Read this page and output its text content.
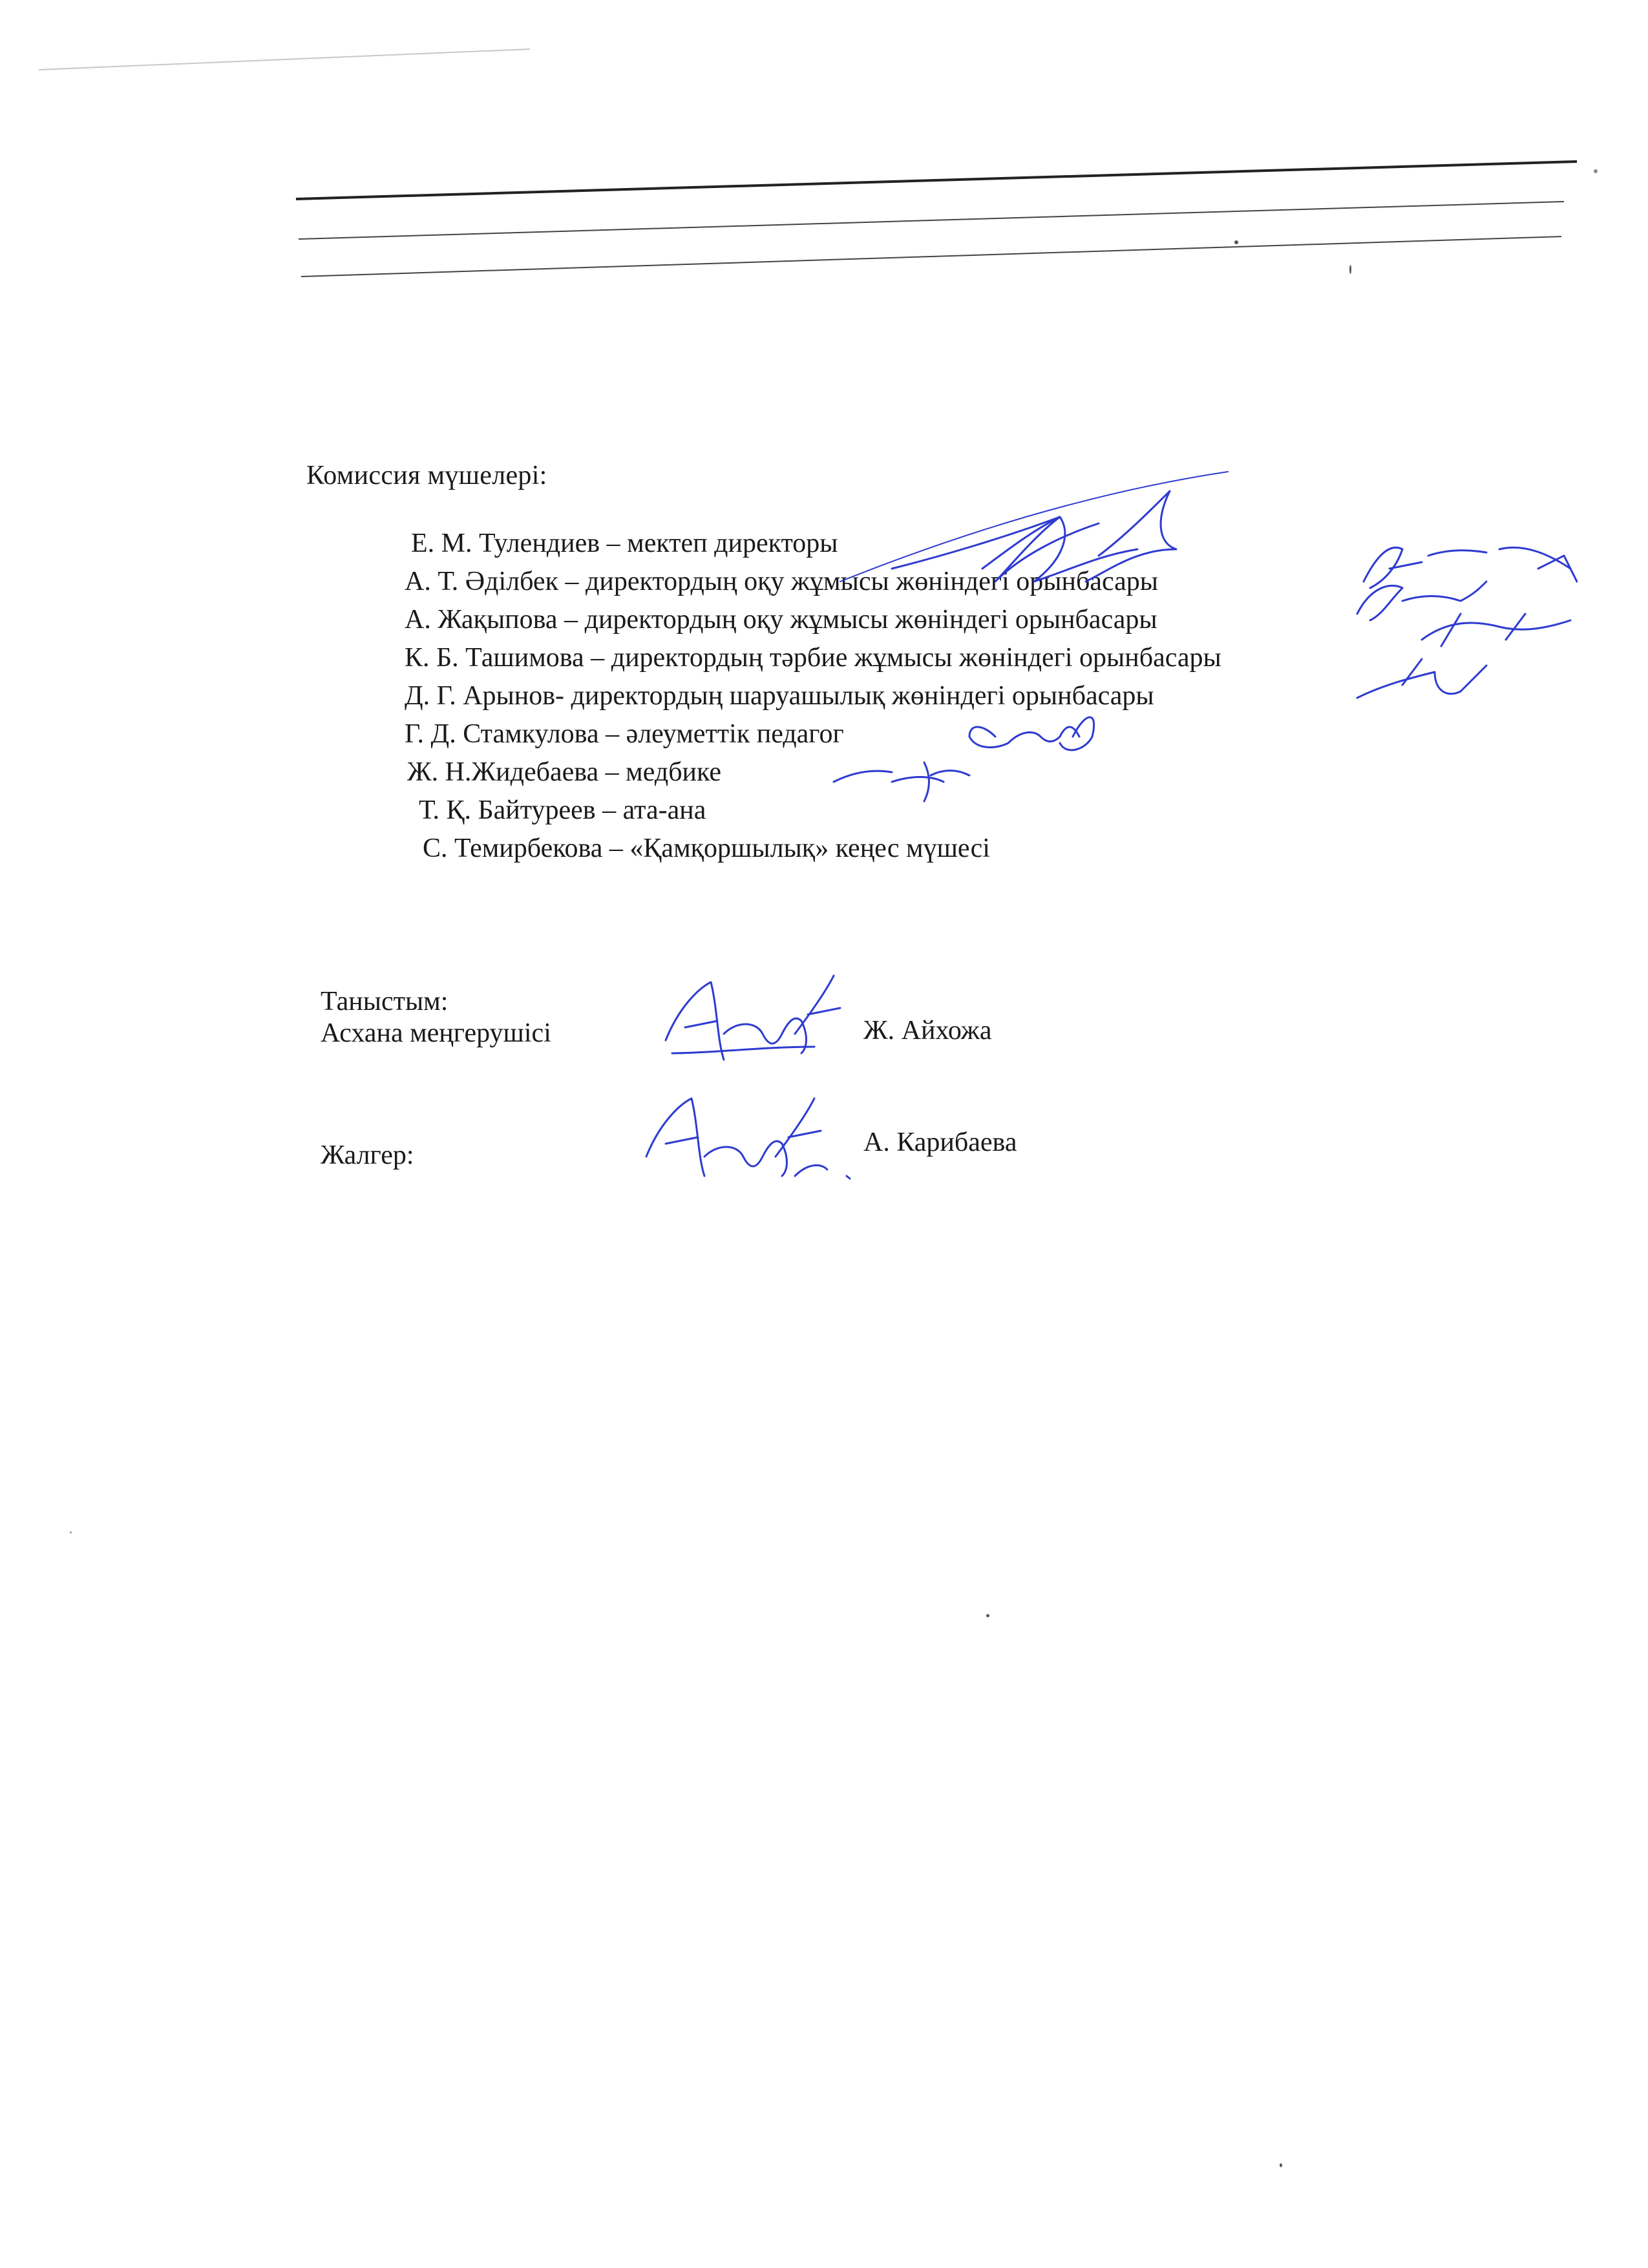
Комиссия мүшелері:
Е. М. Тулендиев – мектеп директоры
А. Т. Әділбек – директордың оқу жұмысы жөніндегі орынбасары
А. Жақыпова – директордың оқу жұмысы жөніндегі орынбасары
К. Б. Ташимова – директордың тәрбие жұмысы жөніндегі орынбасары
Д. Г. Арынов- директордың шаруашылық жөніндегі орынбасары
Г. Д. Стамкулова – әлеуметтік педагог
Ж. Н.Жидебаева – медбике
Т. Қ. Байтуреев – ата-ана
С. Темирбекова – «Қамқоршылық» кеңес мүшесі
Таныстым:
Асхана меңгерушісі	Ж. Айхожа
Жалгер:	А. Карибаева
